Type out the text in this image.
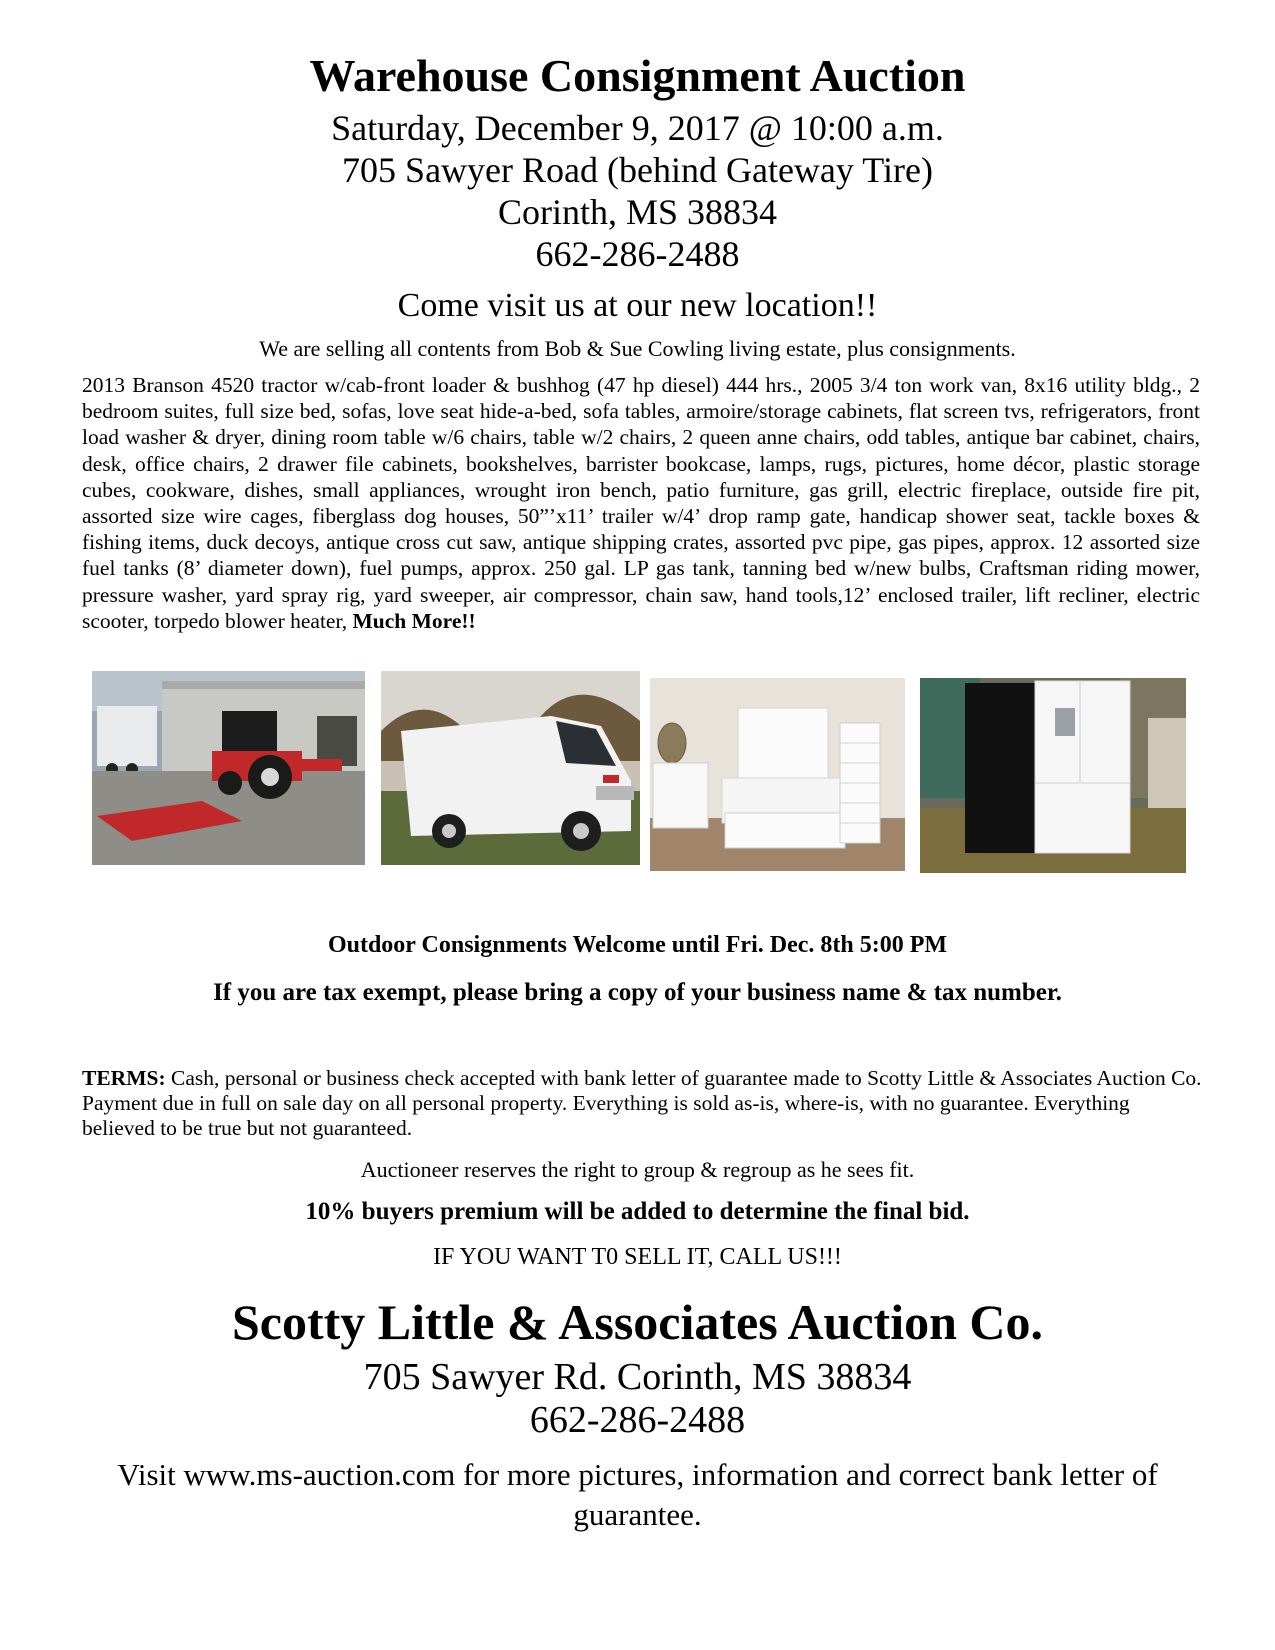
Warehouse Consignment Auction
Saturday, December 9, 2017 @ 10:00 a.m.
705 Sawyer Road (behind Gateway Tire)
Corinth, MS 38834
662-286-2488
Come visit us at our new location!!
We are selling all contents from Bob & Sue Cowling living estate, plus consignments.
2013 Branson 4520 tractor w/cab-front loader & bushhog (47 hp diesel) 444 hrs., 2005 3/4 ton work van, 8x16 utility bldg., 2 bedroom suites, full size bed, sofas, love seat hide-a-bed, sofa tables, armoire/storage cabinets, flat screen tvs, refrigerators, front load washer & dryer, dining room table w/6 chairs, table w/2 chairs, 2 queen anne chairs, odd tables, antique bar cabinet, chairs, desk, office chairs, 2 drawer file cabinets, bookshelves, barrister bookcase, lamps, rugs, pictures, home décor, plastic storage cubes, cookware, dishes, small appliances, wrought iron bench, patio furniture, gas grill, electric fireplace, outside fire pit, assorted size wire cages, fiberglass dog houses, 50”’x11’ trailer w/4’ drop ramp gate, handicap shower seat, tackle boxes & fishing items, duck decoys, antique cross cut saw, antique shipping crates, assorted pvc pipe, gas pipes, approx. 12 assorted size fuel tanks (8’ diameter down), fuel pumps, approx. 250 gal. LP gas tank, tanning bed w/new bulbs, Craftsman riding mower, pressure washer, yard spray rig, yard sweeper, air compressor, chain saw, hand tools,12’ enclosed trailer, lift recliner, electric scooter, torpedo blower heater, Much More!!
Outdoor Consignments Welcome until Fri. Dec. 8th 5:00 PM
If you are tax exempt, please bring a copy of your business name & tax number.
TERMS: Cash, personal or business check accepted with bank letter of guarantee made to Scotty Little & Associates Auction Co. Payment due in full on sale day on all personal property. Everything is sold as-is, where-is, with no guarantee. Everything believed to be true but not guaranteed.
Auctioneer reserves the right to group & regroup as he sees fit.
10% buyers premium will be added to determine the final bid.
IF YOU WANT T0 SELL IT, CALL US!!!
Scotty Little & Associates Auction Co.
705 Sawyer Rd. Corinth, MS 38834
662-286-2488
Visit www.ms-auction.com for more pictures, information and correct bank letter of guarantee.
